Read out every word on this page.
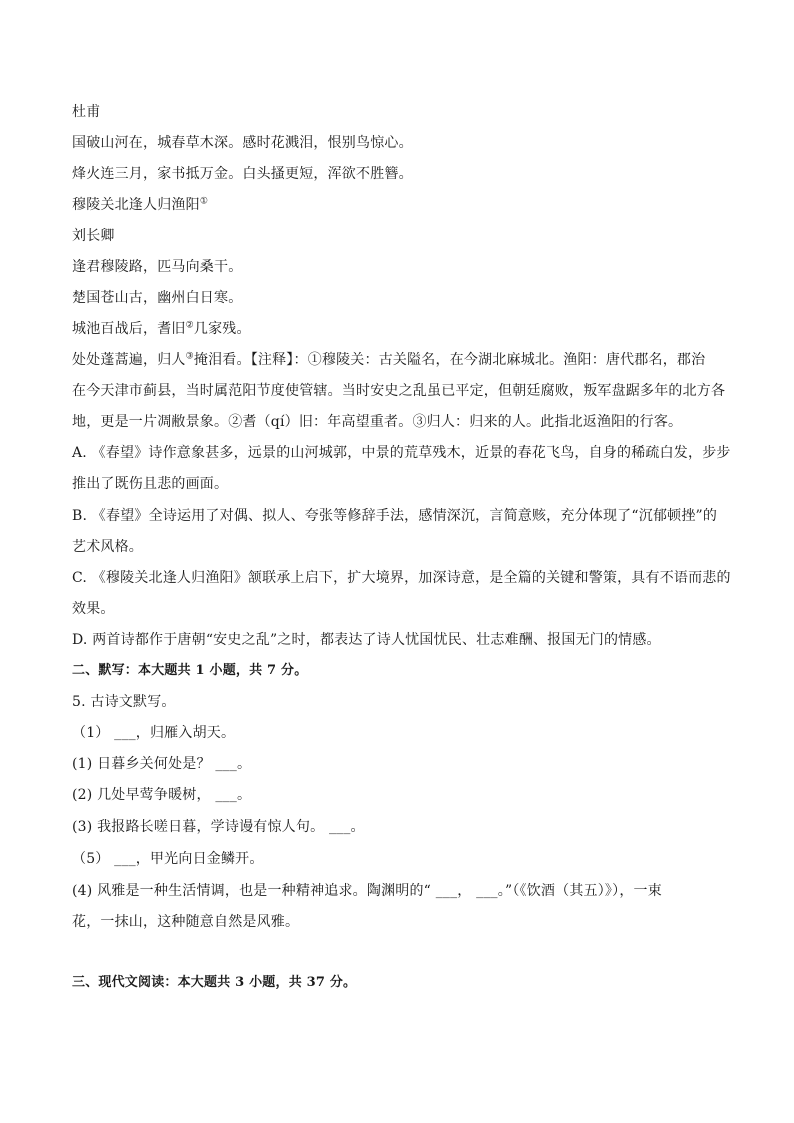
杜甫
国破山河在，城春草木深。感时花溅泪，恨别鸟惊心。
烽火连三月，家书抵万金。白头搔更短，浑欲不胜簪。
穆陵关北逢人归渔阳①
刘长卿
逢君穆陵路，匹马向桑干。
楚国苍山古，幽州白日寒。
城池百战后，耆旧②几家残。
处处蓬蒿遍，归人③掩泪看。【注释】：①穆陵关：古关隘名，在今湖北麻城北。渔阳：唐代郡名，郡治
在今天津市蓟县，当时属范阳节度使管辖。当时安史之乱虽已平定，但朝廷腐败，叛军盘踞多年的北方各
地，更是一片凋敝景象。②耆（qí）旧：年高望重者。③归人：归来的人。此指北返渔阳的行客。
A. 《春望》诗作意象甚多，远景的山河城郭，中景的荒草残木，近景的春花飞鸟，自身的稀疏白发，步步
推出了既伤且悲的画面。
B. 《春望》全诗运用了对偶、拟人、夸张等修辞手法，感情深沉，言简意赅，充分体现了“沉郁顿挫”的
艺术风格。
C. 《穆陵关北逢人归渔阳》颔联承上启下，扩大境界，加深诗意，是全篇的关键和警策，具有不语而悲的
效果。
D. 两首诗都作于唐朝“安史之乱”之时，都表达了诗人忧国忧民、壮志难酬、报国无门的情感。
二、默写：本大题共 1 小题，共 7 分。
5. 古诗文默写。
（1） ___，归雁入胡天。
(1) 日暮乡关何处是？ ___。
(2) 几处早莺争暖树， ___。
(3) 我报路长嗟日暮，学诗谩有惊人句。 ___。
（5） ___，甲光向日金鳞开。
(4) 风雅是一种生活情调，也是一种精神追求。陶渊明的“ ___， ___。”（《饮酒（其五）》），一束
花，一抹山，这种随意自然是风雅。
三、现代文阅读：本大题共 3 小题，共 37 分。
